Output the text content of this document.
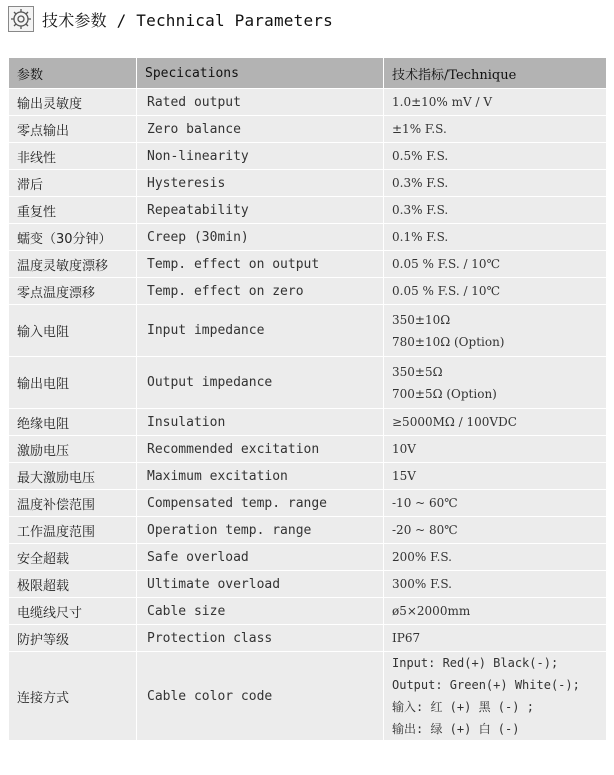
技术参数 / Technical Parameters
参数	Specications	技术指标/Technique
输出灵敏度	Rated output	1.0±10% mV / V

零点输出	Zero balance	±1% F.S.

非线性	Non-linearity	0.5% F.S.

滞后	Hysteresis	0.3% F.S.

重复性	Repeatability	0.3% F.S.

蠕变（30分钟）	Creep (30min)	0.1% F.S.

温度灵敏度漂移	Temp. effect on output	0.05 % F.S. / 10℃

零点温度漂移	Temp. effect on zero	0.05 % F.S. / 10℃

输入电阻	Input impedance	350±10Ω
780±10Ω (Option)

输出电阻	Output impedance	350±5Ω
700±5Ω (Option)

绝缘电阻	Insulation	≥5000MΩ / 100VDC

激励电压	Recommended excitation	10V

最大激励电压	Maximum excitation	15V

温度补偿范围	Compensated temp. range	-10 ~ 60℃

工作温度范围	Operation temp. range	-20 ~ 80℃

安全超载	Safe overload	200% F.S.

极限超载	Ultimate overload	300% F.S.

电缆线尺寸	Cable size	ø5×2000mm

防护等级	Protection class	IP67

连接方式	Cable color code	Input: Red(+) Black(-);
Output: Green(+) White(-);
输入: 红 (+) 黑 (-) ;
输出: 绿 (+) 白 (-)
